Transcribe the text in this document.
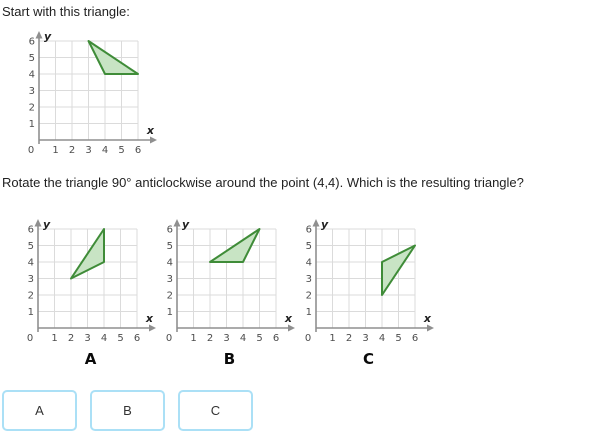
Start with this triangle:

0 1
1
2
2
3
3
4
4
5
5
6
6
x
y

Rotate the triangle 90° anticlockwise around the point (4,4). Which is the resulting triangle?

0 1
1
2
2
3
3
4
4
5
5
6
6
x
y
A
0 1
1
2
2
3
3
4
4
5
5
6
6
x
y
B
0 1
1
2
2
3
3
4
4
5
5
6
6
x
y
C
A	B	C
